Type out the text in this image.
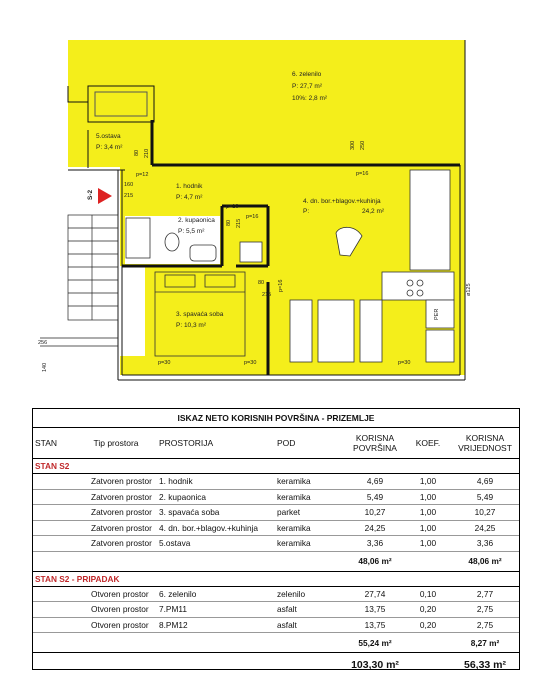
S-2
PER
6. zelenilo
P: 27,7 m²
10%: 2,8 m²
5.ostava
P: 3,4 m²
1. hodnik
P: 4,7 m²
2. kupaonica
P: 5,5 m²
3. spavaća soba
P: 10,3 m²
4. dn. bor.+blagov.+kuhinja
P:	24,2 m²
80 210
p=12
300 250
p=16
160
215
p=16
80 215
p=16
80
215
p=16
p=30	p=30	p=30
ø125
256
140
ISKAZ NETO KORISNIH POVRŠINA - PRIZEMLJE						
STAN	Tip prostora	PROSTORIJA	POD	KORISNA POVRŠINA	KOEF.	KORISNA VRIJEDNOST
STAN S2						
	Zatvoren prostor	1. hodnik	keramika	4,69	1,00	4,69
	Zatvoren prostor	2. kupaonica	keramika	5,49	1,00	5,49
	Zatvoren prostor	3. spavaća soba	parket	10,27	1,00	10,27
	Zatvoren prostor	4. dn. bor.+blagov.+kuhinja	keramika	24,25	1,00	24,25
	Zatvoren prostor	5.ostava	keramika	3,36	1,00	3,36
				48,06 m²		48,06 m²
STAN S2 - PRIPADAK						
	Otvoren prostor	6. zelenilo	zelenilo	27,74	0,10	2,77
	Otvoren prostor	7.PM11	asfalt	13,75	0,20	2,75
	Otvoren prostor	8.PM12	asfalt	13,75	0,20	2,75
				55,24 m²		8,27 m²
				103,30 m²		56,33 m²
